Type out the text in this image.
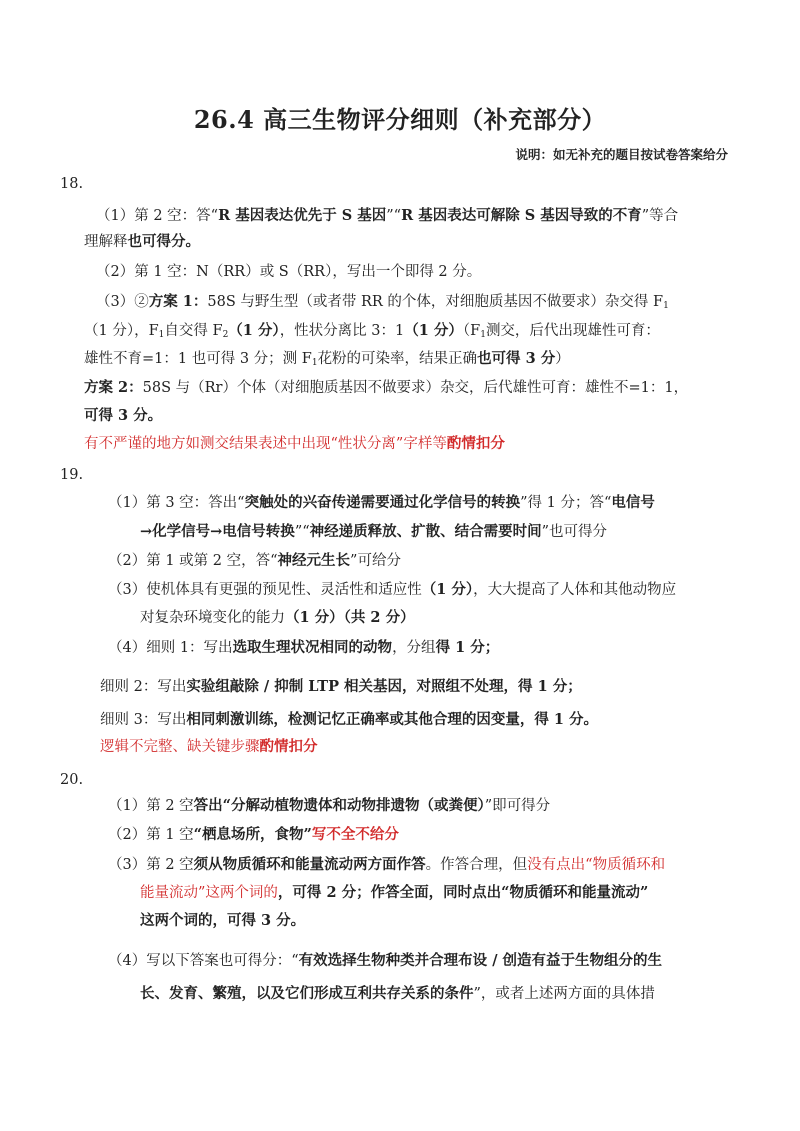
26.4 高三生物评分细则（补充部分）
说明：如无补充的题目按试卷答案给分
18.
（1）第 2 空：答“R 基因表达优先于 S 基因”“R 基因表达可解除 S 基因导致的不育”等合
理解释也可得分。
（2）第 1 空：N（RR）或 S（RR），写出一个即得 2 分。
（3）②方案 1：58S 与野生型（或者带 RR 的个体，对细胞质基因不做要求）杂交得 $F_1$
（1 分），$F_1$自交得 $F_2(1$ 分），性状分离比 3：1（1 分）（$F_1$测交，后代出现雄性可育：
雄性不育=1：1 也可得 3 分；测 $F_1$花粉的可染率，结果正确也可得 3 分）
方案 2：58S 与（Rr）个体（对细胞质基因不做要求）杂交，后代雄性可育：雄性不=1：1，
可得 3 分。
有不严谨的地方如测交结果表述中出现“性状分离”字样等酌情扣分
19.
（1）第 3 空：答出“突触处的兴奋传递需要通过化学信号的转换”得 1 分；答“电信号
→化学信号→电信号转换”“神经递质释放、扩散、结合需要时间”也可得分
（2）第 1 或第 2 空，答“神经元生长”可给分
（3）使机体具有更强的预见性、灵活性和适应性（1 分），大大提高了人体和其他动物应
对复杂环境变化的能力（1 分）（共 2 分）
（4）细则 1：写出选取生理状况相同的动物，分组得 1 分；
细则 2：写出实验组敲除 / 抑制 LTP 相关基因，对照组不处理，得 1 分；
细则 3：写出相同刺激训练，检测记忆正确率或其他合理的因变量，得 1 分。
逻辑不完整、缺关键步骤酌情扣分
20.
（1）第 2 空答出“分解动植物遗体和动物排遗物（或粪便）”即可得分
（2）第 1 空“栖息场所，食物”写不全不给分
（3）第 2 空须从物质循环和能量流动两方面作答。作答合理，但没有点出“物质循环和
能量流动”这两个词的，可得 2 分；作答全面，同时点出“物质循环和能量流动”
这两个词的，可得 3 分。
（4）写以下答案也可得分：“有效选择生物种类并合理布设 / 创造有益于生物组分的生
长、发育、繁殖，以及它们形成互利共存关系的条件”，或者上述两方面的具体措
